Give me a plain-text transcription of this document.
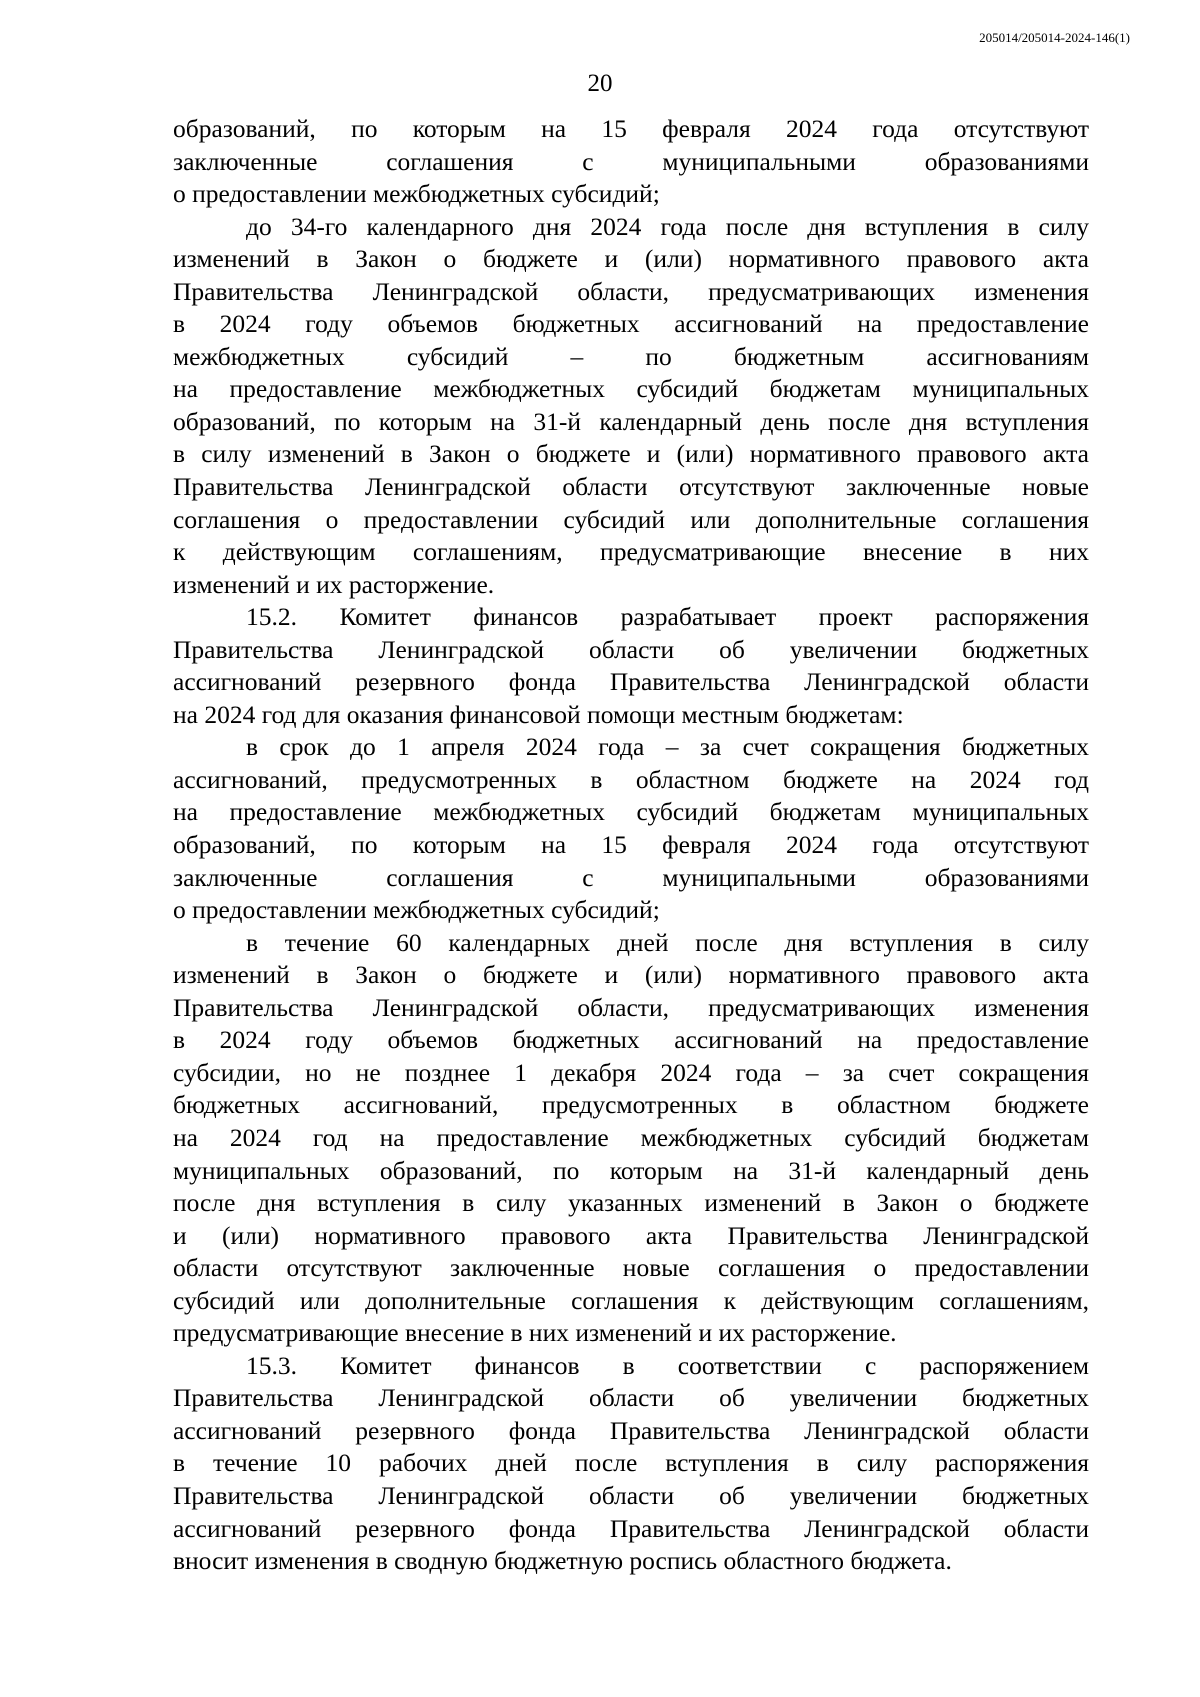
205014/205014-2024-146(1)
20
образований, по которым на 15 февраля 2024 года отсутствуют
заключенные соглашения с муниципальными образованиями
о предоставлении межбюджетных субсидий;
до 34-го календарного дня 2024 года после дня вступления в силу
изменений в Закон о бюджете и (или) нормативного правового акта
Правительства Ленинградской области, предусматривающих изменения
в 2024 году объемов бюджетных ассигнований на предоставление
межбюджетных субсидий – по бюджетным ассигнованиям
на предоставление межбюджетных субсидий бюджетам муниципальных
образований, по которым на 31-й календарный день после дня вступления
в силу изменений в Закон о бюджете и (или) нормативного правового акта
Правительства Ленинградской области отсутствуют заключенные новые
соглашения о предоставлении субсидий или дополнительные соглашения
к действующим соглашениям, предусматривающие внесение в них
изменений и их расторжение.
15.2. Комитет финансов разрабатывает проект распоряжения
Правительства Ленинградской области об увеличении бюджетных
ассигнований резервного фонда Правительства Ленинградской области
на 2024 год для оказания финансовой помощи местным бюджетам:
в срок до 1 апреля 2024 года – за счет сокращения бюджетных
ассигнований, предусмотренных в областном бюджете на 2024 год
на предоставление межбюджетных субсидий бюджетам муниципальных
образований, по которым на 15 февраля 2024 года отсутствуют
заключенные соглашения с муниципальными образованиями
о предоставлении межбюджетных субсидий;
в течение 60 календарных дней после дня вступления в силу
изменений в Закон о бюджете и (или) нормативного правового акта
Правительства Ленинградской области, предусматривающих изменения
в 2024 году объемов бюджетных ассигнований на предоставление
субсидии, но не позднее 1 декабря 2024 года – за счет сокращения
бюджетных ассигнований, предусмотренных в областном бюджете
на 2024 год на предоставление межбюджетных субсидий бюджетам
муниципальных образований, по которым на 31-й календарный день
после дня вступления в силу указанных изменений в Закон о бюджете
и (или) нормативного правового акта Правительства Ленинградской
области отсутствуют заключенные новые соглашения о предоставлении
субсидий или дополнительные соглашения к действующим соглашениям,
предусматривающие внесение в них изменений и их расторжение.
15.3. Комитет финансов в соответствии с распоряжением
Правительства Ленинградской области об увеличении бюджетных
ассигнований резервного фонда Правительства Ленинградской области
в течение 10 рабочих дней после вступления в силу распоряжения
Правительства Ленинградской области об увеличении бюджетных
ассигнований резервного фонда Правительства Ленинградской области
вносит изменения в сводную бюджетную роспись областного бюджета.
